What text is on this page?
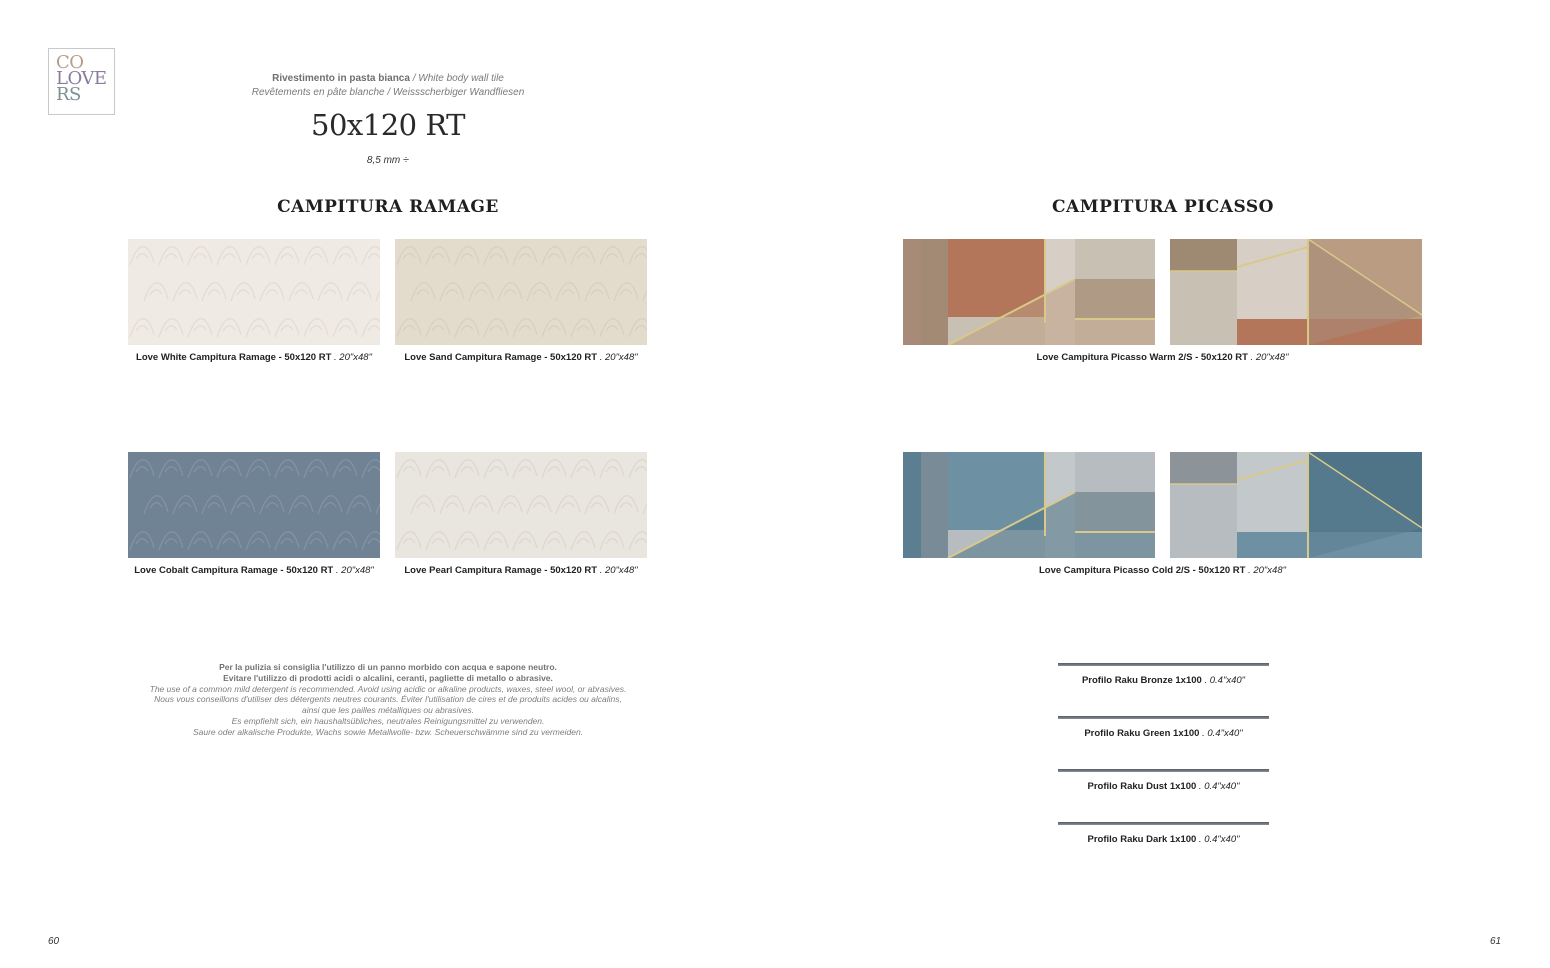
CO
LOVE
RS
Rivestimento in pasta bianca / White body wall tile
Revêtements en pâte blanche / Weissscherbiger Wandfliesen
50x120 RT
8,5 mm ÷
CAMPITURA RAMAGE	CAMPITURA PICASSO
Love White Campitura Ramage - 50x120 RT . 20"x48"	Love Sand Campitura Ramage - 50x120 RT . 20"x48"
Love Cobalt Campitura Ramage - 50x120 RT . 20"x48"	Love Pearl Campitura Ramage - 50x120 RT . 20"x48"
Love Campitura Picasso Warm 2/S - 50x120 RT . 20"x48"
Love Campitura Picasso Cold 2/S - 50x120 RT . 20"x48"
Per la pulizia si consiglia l'utilizzo di un panno morbido con acqua e sapone neutro.
Evitare l'utilizzo di prodotti acidi o alcalini, ceranti, pagliette di metallo o abrasive.
The use of a common mild detergent is recommended. Avoid using acidic or alkaline products, waxes, steel wool, or abrasives.
Nous vous conseillons d'utiliser des détergents neutres courants. Éviter l'utilisation de cires et de produits acides ou alcalins,
ainsi que les pailles métalliques ou abrasives.
Es empfiehlt sich, ein haushaltsübliches, neutrales Reinigungsmittel zu verwenden.
Saure oder alkalische Produkte, Wachs sowie Metallwolle- bzw. Scheuerschwämme sind zu vermeiden.
Profilo Raku Bronze 1x100 . 0.4"x40"
Profilo Raku Green 1x100 . 0.4"x40"
Profilo Raku Dust 1x100 . 0.4"x40"
Profilo Raku Dark 1x100 . 0.4"x40"
60	61
